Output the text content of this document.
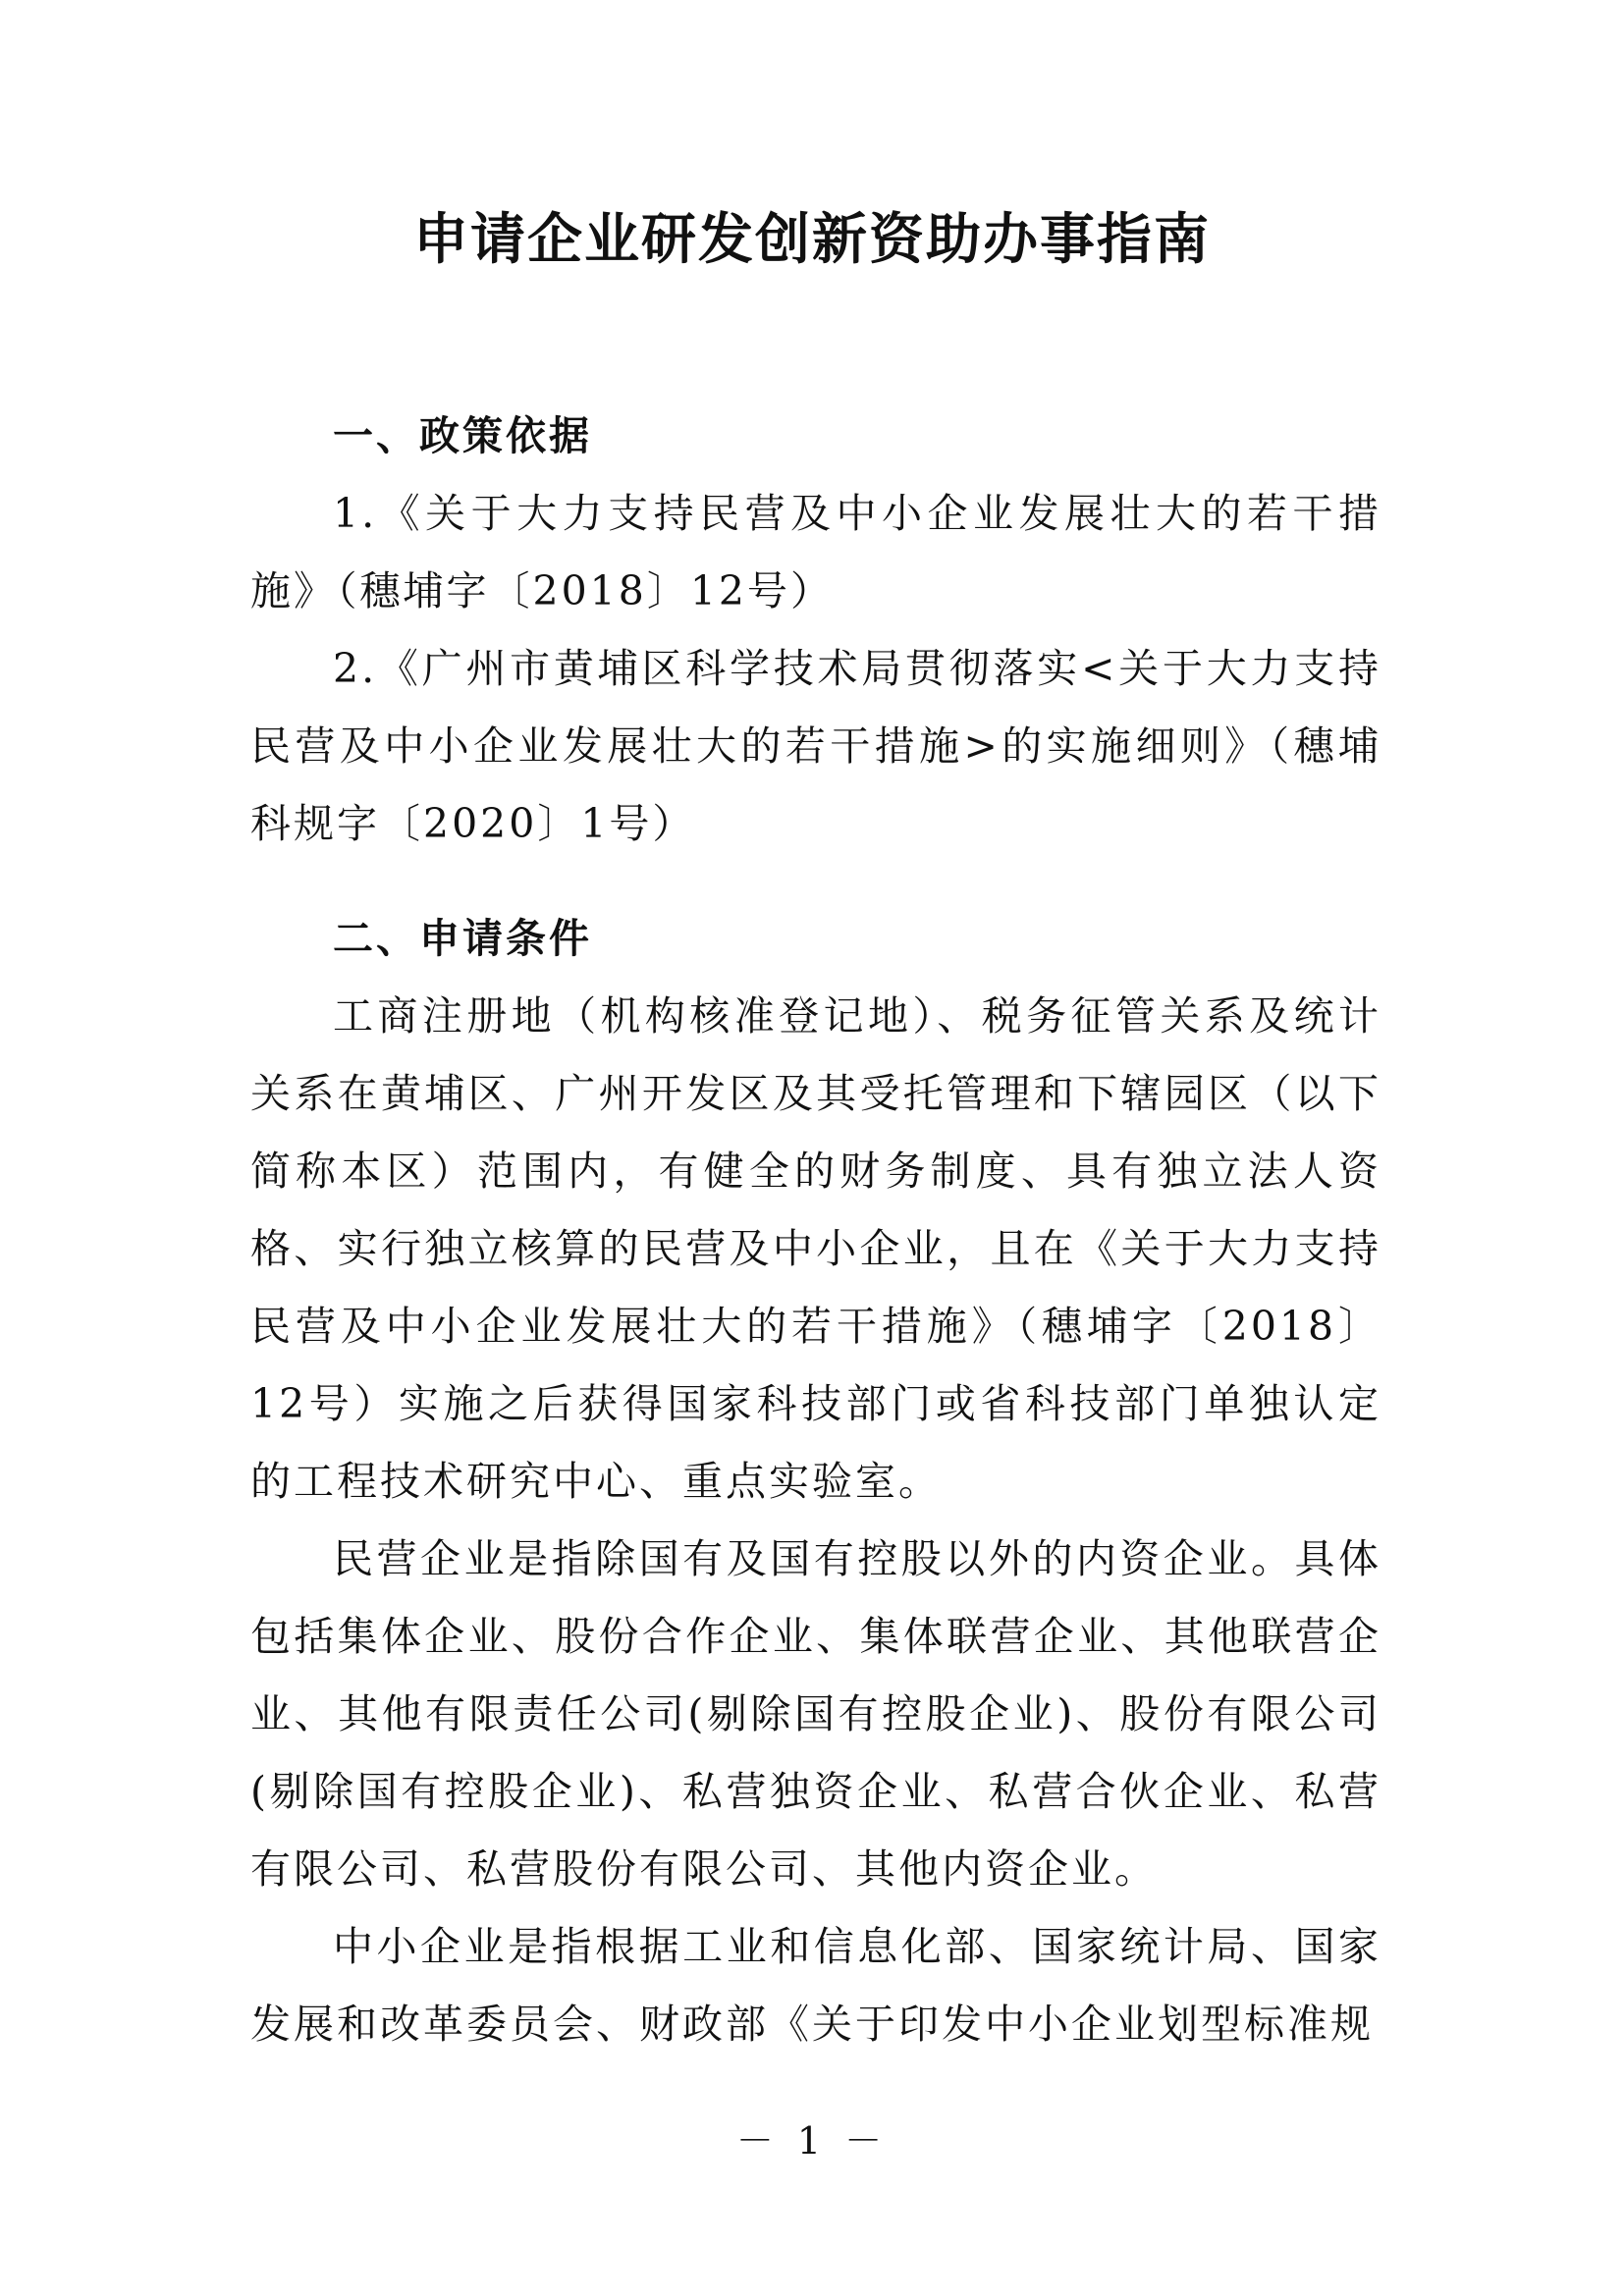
申请企业研发创新资助办事指南

一、政策依据

1.《关于大力支持民营及中小企业发展壮大的若干措施》（穗埔字〔2018〕12号）

2.《广州市黄埔区科学技术局贯彻落实<关于大力支持民营及中小企业发展壮大的若干措施>的实施细则》（穗埔科规字〔2020〕1号）

二、申请条件

工商注册地（机构核准登记地）、税务征管关系及统计关系在黄埔区、广州开发区及其受托管理和下辖园区（以下简称本区）范围内，有健全的财务制度、具有独立法人资格、实行独立核算的民营及中小企业，且在《关于大力支持民营及中小企业发展壮大的若干措施》（穗埔字〔2018〕12号）实施之后获得国家科技部门或省科技部门单独认定的工程技术研究中心、重点实验室。

民营企业是指除国有及国有控股以外的内资企业。具体包括集体企业、股份合作企业、集体联营企业、其他联营企业、其他有限责任公司(剔除国有控股企业)、股份有限公司(剔除国有控股企业)、私营独资企业、私营合伙企业、私营有限公司、私营股份有限公司、其他内资企业。

中小企业是指根据工业和信息化部、国家统计局、国家发展和改革委员会、财政部《关于印发中小企业划型标准规

－ 1 －
